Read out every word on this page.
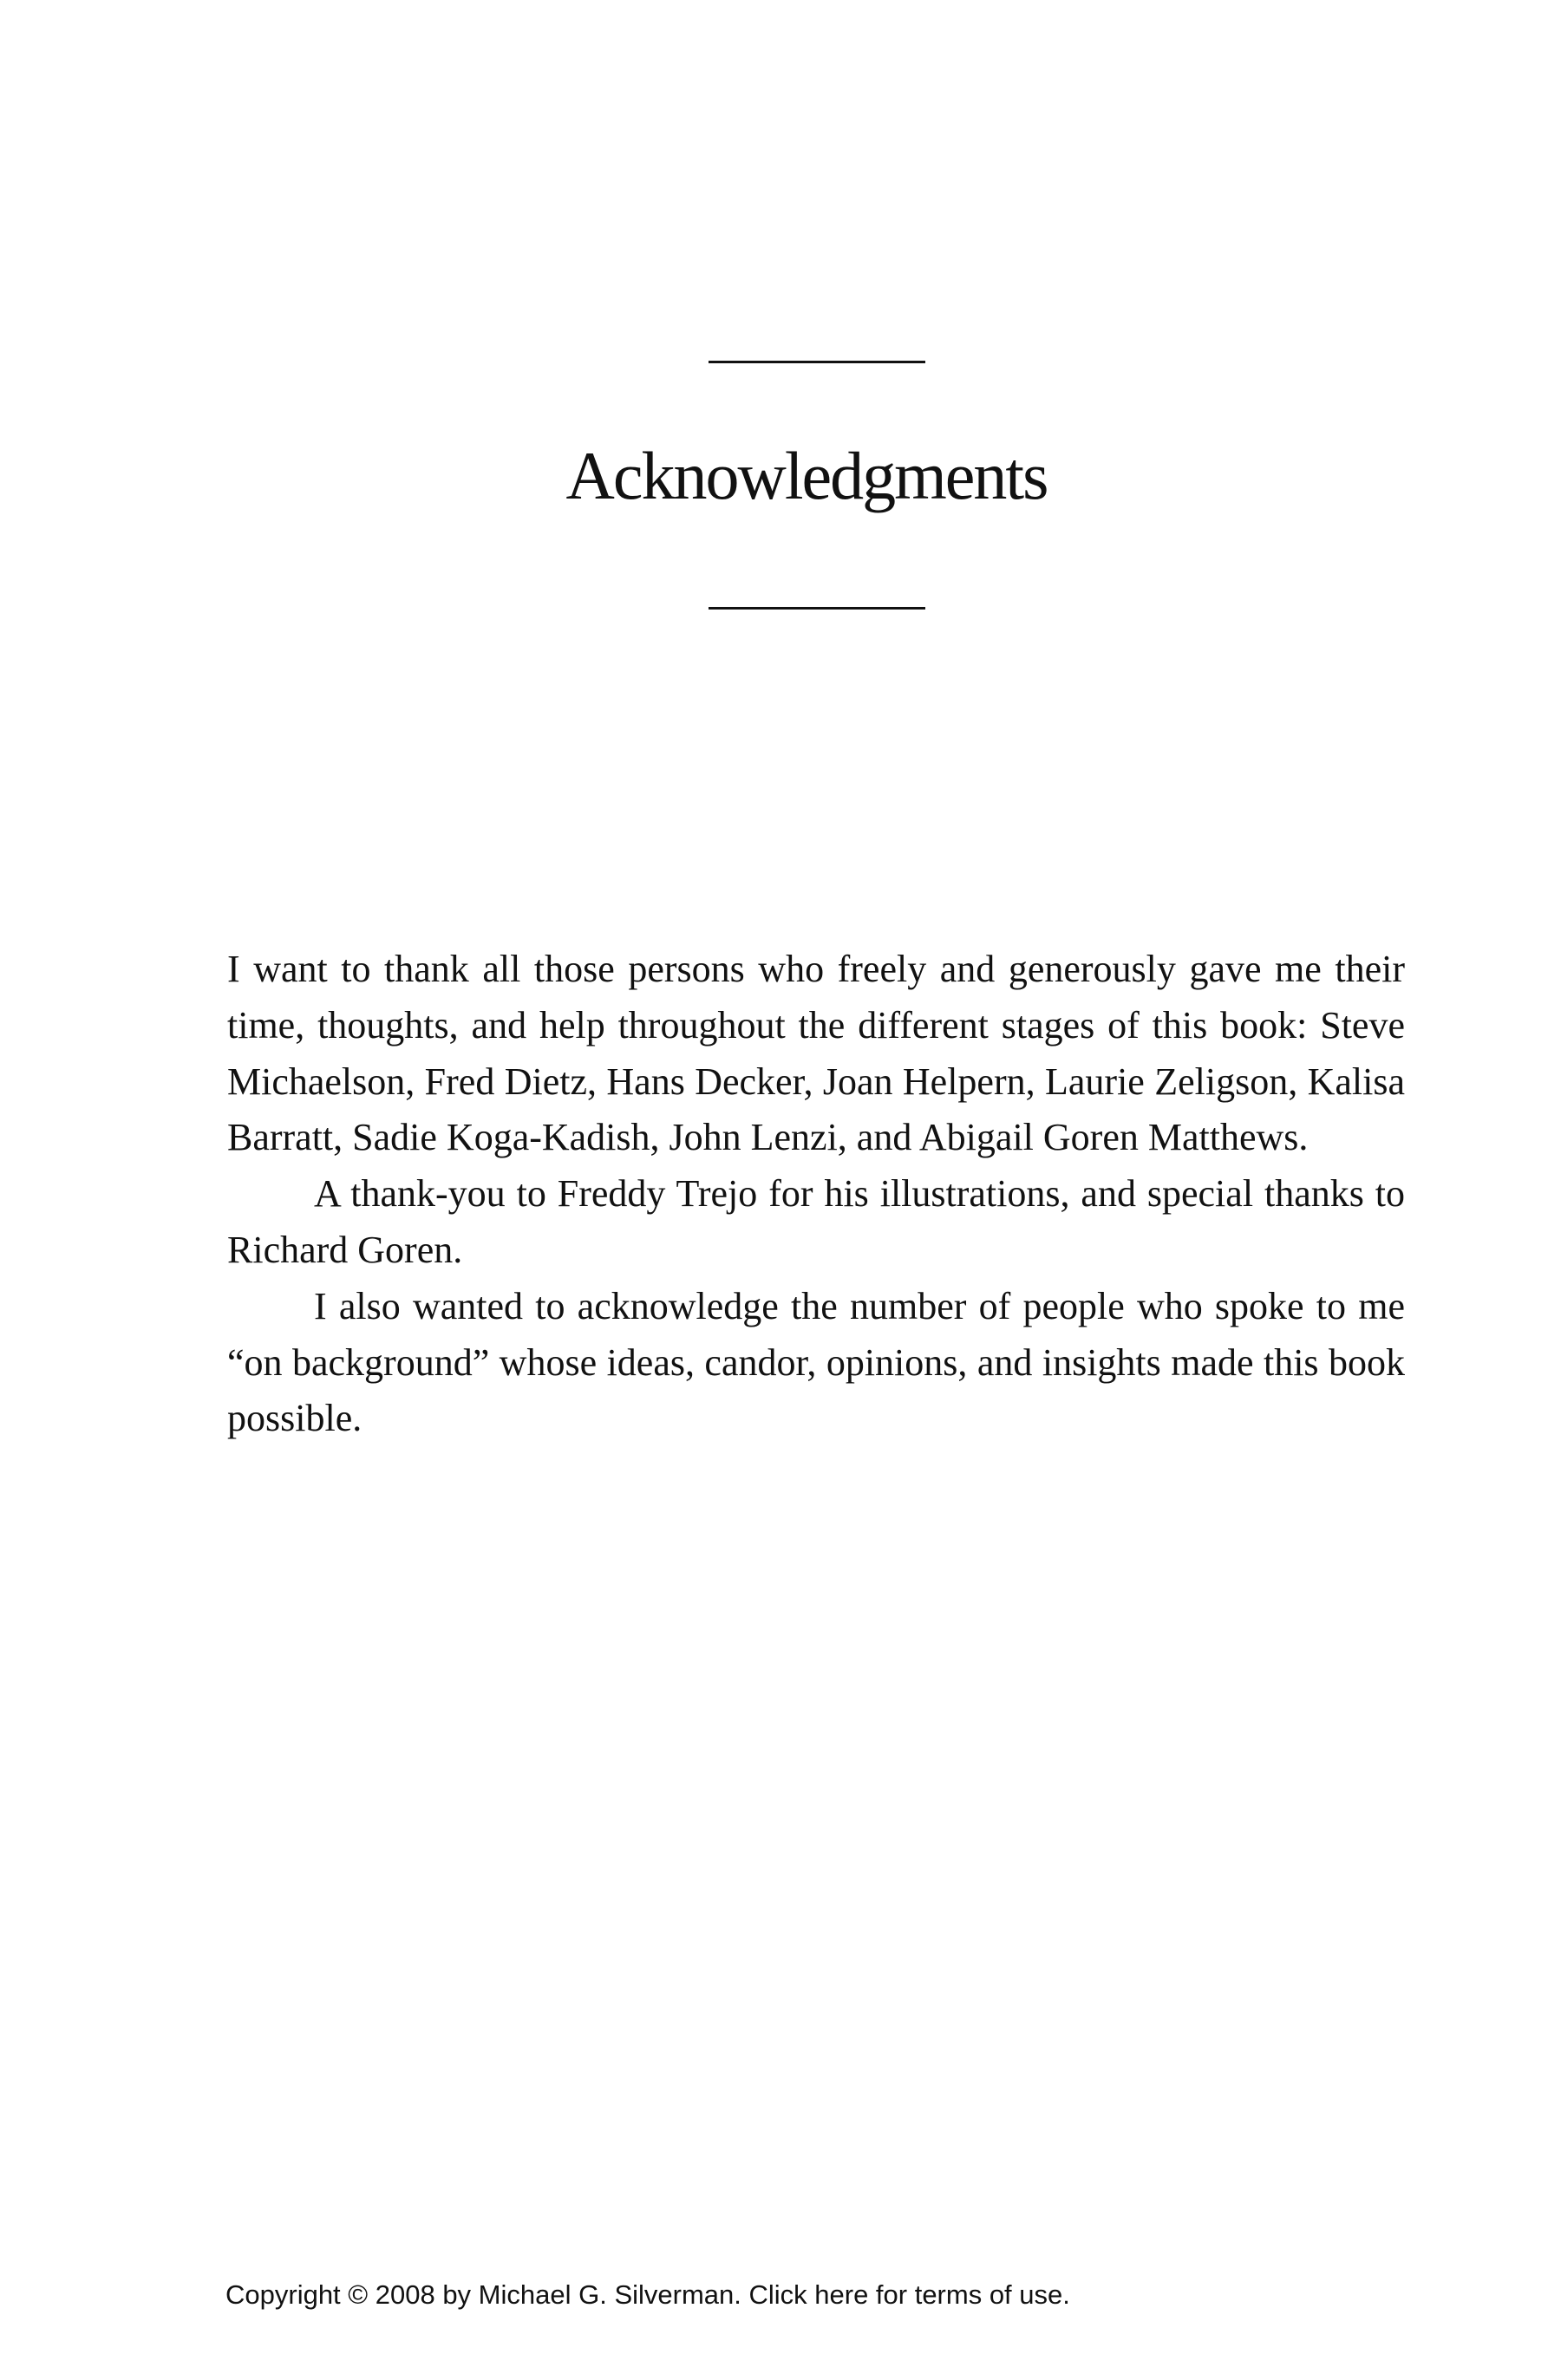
Acknowledgments

I want to thank all those persons who freely and generously gave me their time, thoughts, and help throughout the different stages of this book: Steve Michaelson, Fred Dietz, Hans Decker, Joan Helpern, Laurie Zeligson, Kalisa Barratt, Sadie Koga-Kadish, John Lenzi, and Abigail Goren Matthews.

A thank-you to Freddy Trejo for his illustrations, and special thanks to Richard Goren.

I also wanted to acknowledge the number of people who spoke to me “on background” whose ideas, candor, opinions, and insights made this book possible.

Copyright © 2008 by Michael G. Silverman. Click here for terms of use.
